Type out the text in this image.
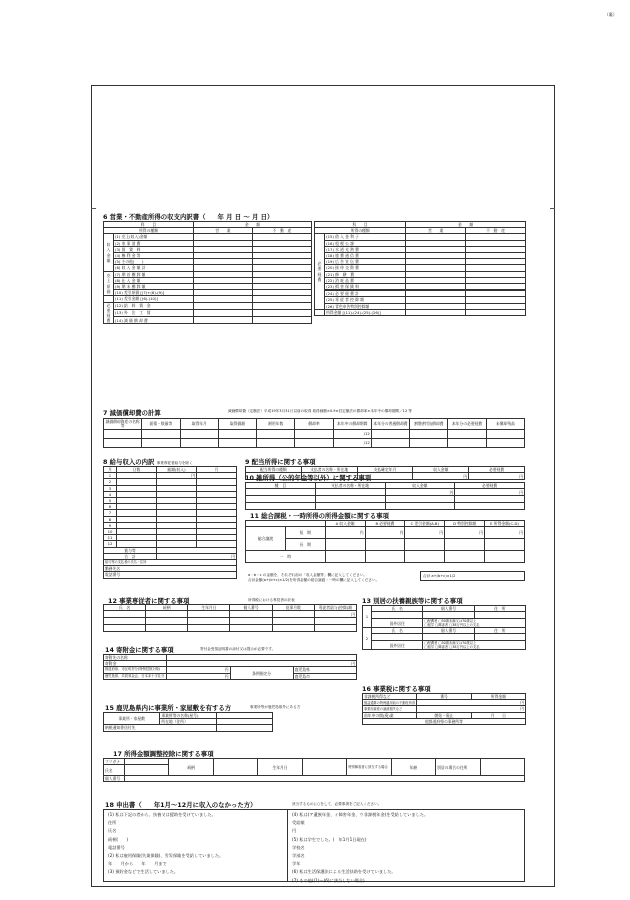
（裏）
6 営業・不動産所得の収支内訳書（ 年 月 日 ～ 月 日）
科　　目		金　　額	
所得の種類		営　　業	不　動　産
収入金額	(1) 売上(収入)金額		
	(2) 家 事 消 費		
	(3) 賃　貸　料		
	(4) 権 利 金 等		
	(5) その他(　　)		
	(6) 収 入 金 額 計		
売上原価	(7) 期 首 棚 卸 額		
	(8) 仕 入 金 額		
	(9) 期 末 棚 卸 額		
	(10) 差引原価 [(7)+(8)-(9)]		
	(11) 差引金額 [(6)-(10)]		
必要経費	(12) 給　料　賃　金		
	(13) 外　注　工　賃		
	(14) 減 価 償 却 費		
科　　目		金　　額	
所得の種類		営　　業	不　動　産
必要経費	(15) 借 入 金 利 子		
	(16) 租 税 公 課		
	(17) 水 道 光 熱 費		
	(18) 旅 費 通 信 費		
	(19) 広 告 宣 伝 費		
	(20) 接 待 交 際 費		
	(21) 修　繕　費		
	(22) 消 耗 品 費		
	(23) 損 害 保 険 料		

	(24) 必 要 経 費 計		
	(25) 専 従 者 控 除 額		
	(26) 青色申告特別控除額		
	所得金額 [(11)-(24)-(25)-(26)]		
7 減価償却費の計算	減価償却費（定額法）平成19年3月31日以前の取得 取得価額×0.9×旧定額法の償却率×本年中の償却期間／12 等
減価償却資産の名称等	面積・数量等	取得年月	取得価額	耐用年数	償却率	本年中の償却期間	本年分の普通償却費	割増(特別)償却費	本年分の必要経費	未償却残高
						/12				
						/12				
8 給与収入の内訳 事業専従者給与を除く
月	日数	総額(収入)	月
1		円	
2			
3			
4			
5			
6			
7			
8			
9			
10			
11			
12			
賞与等			
合　計		円	
給与等の支払者の氏名・住所			
勤務先名			
電話番号			
9 配当所得に関する事項
配当所得の種類	支払者の名称・所在地	支払確定年月	収入金額	必要経費
			円	円
10 雑所得（公的年金等以外）に関する事項
種　目	支払者の名称・所在地	収入金額	必要経費
		円	円

11 総合課税・一時所得の所得金額に関する事項
		A 収入金額	B 必要経費	C 差引金額(A-B)	D 特別控除額	E 所得金額(C-D)
総合譲渡	短　期	円	円	円	円	円
	長　期					
一　時						
a・b・c の金額を、それぞれ前の「収入金額等」欄に記入してください。
合計金額(a+(b+c)×1/2)を所得金額の総合譲渡・一時の欄に記入してください。
合計 a+(b+c)×1/2
12 事業専従者に関する事項	所得税における専従者の計表
氏　名	続柄	生年月日	個人番号	従事月数	専従者給与(控除)額
					円

13 別居の扶養親族等に関する事項
1	氏　名	個人番号	住　所

	国外居住	□配偶者 □30歳未満又は70歳以上
□留学 □障害者 □38万円以上の支払	

2	氏　名	個人番号	住　所

	国外居住	□配偶者 □30歳未満又は70歳以上
□留学 □障害者 □38万円以上の支払	
14 寄附金に関する事項	寄付金受領証明書の添付又は提示が必要です。
寄附先の名称			
寄附金	円		
都道府県、市区町村分(特例控除対象)	円	条例指定分	鹿児島県
鹿児島県、共同募金会、日本赤十字社分	円		鹿児島市
15 鹿児島県内に事業所・家屋敷を有する方	事業所等が鹿児島県外にある方
事業所・家屋敷	事業所等の名称(屋号)	
	所在地（住所）	
納税通知書送付先		
16 事業税に関する事項
非課税所得など	番号	所得金額
損益通算の特例適用前の不動産所得	円	
事業用資産の譲渡損失など	円	
前年中の開(廃)業	開始・廃止	月　　日
他都道府県の事務所等		
17 所得金額調整控除に関する事項
フリガナ		続柄		生年月日		特別障害者に該当する場合	年齢	別居の場合の住所	
氏名									
個人番号									
18 申出書（ 年1月～12月に収入のなかった方）	該当するものに○をして、必要事項をご記入ください。
(1) 私は下記の者から、扶養又は援助を受けていました。
住所
氏名
続柄(　　)
電話番号
(2) 私は雇用保険(失業保険)、労災保険を受給していました。
年　　月から　　年　　月まで
(3) 預貯金などで生活していました。
(4) 私は(ア遺族年金、イ障害年金、ウ非課税年金)を受給していました。
受給額
円
(5) 私は学生でした。(　年1月1日現在)
学校名
学部名
学年
(6) 私は生活保護法による生活扶助を受けていました。
(7) その他((1)～(6)に該当しない場合)
